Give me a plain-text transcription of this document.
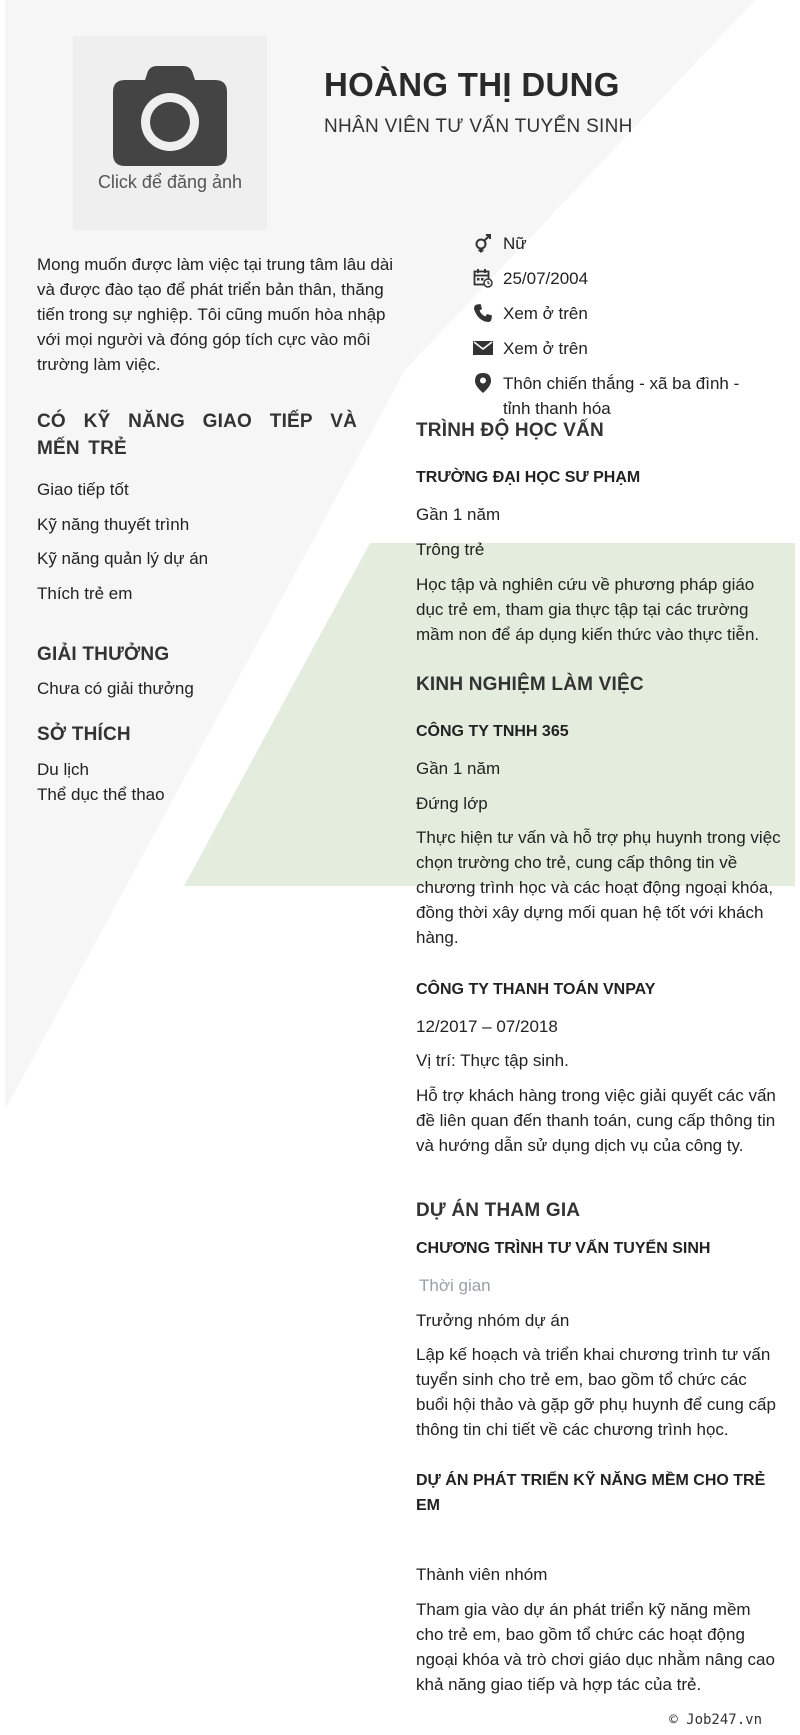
Click để đăng ảnh
HOÀNG THỊ DUNG
NHÂN VIÊN TƯ VẤN TUYỂN SINH
Nữ
25/07/2004
Xem ở trên
Xem ở trên
Thôn chiến thắng - xã ba đình - tỉnh thanh hóa
Mong muốn được làm việc tại trung tâm lâu dài và được đào tạo để phát triển bản thân, thăng tiến trong sự nghiệp. Tôi cũng muốn hòa nhập với mọi người và đóng góp tích cực vào môi trường làm việc.
CÓ KỸ NĂNG GIAO TIẾP VÀ MẾN TRẺ
Giao tiếp tốt
Kỹ năng thuyết trình
Kỹ năng quản lý dự án
Thích trẻ em
GIẢI THƯỞNG
Chưa có giải thưởng
SỞ THÍCH
Du lịch
Thể dục thể thao
TRÌNH ĐỘ HỌC VẤN
TRƯỜNG ĐẠI HỌC SƯ PHẠM
Gần 1 năm
Trông trẻ
Học tập và nghiên cứu về phương pháp giáo dục trẻ em, tham gia thực tập tại các trường mầm non để áp dụng kiến thức vào thực tiễn.
KINH NGHIỆM LÀM VIỆC
CÔNG TY TNHH 365
Gần 1 năm
Đứng lớp
Thực hiện tư vấn và hỗ trợ phụ huynh trong việc chọn trường cho trẻ, cung cấp thông tin về chương trình học và các hoạt động ngoại khóa, đồng thời xây dựng mối quan hệ tốt với khách hàng.
CÔNG TY THANH TOÁN VNPAY
12/2017 – 07/2018
Vị trí: Thực tập sinh.
Hỗ trợ khách hàng trong việc giải quyết các vấn đề liên quan đến thanh toán, cung cấp thông tin và hướng dẫn sử dụng dịch vụ của công ty.
DỰ ÁN THAM GIA
CHƯƠNG TRÌNH TƯ VẤN TUYỂN SINH
Thời gian
Trưởng nhóm dự án
Lập kế hoạch và triển khai chương trình tư vấn tuyển sinh cho trẻ em, bao gồm tổ chức các buổi hội thảo và gặp gỡ phụ huynh để cung cấp thông tin chi tiết về các chương trình học.
DỰ ÁN PHÁT TRIỂN KỸ NĂNG MỀM CHO TRẺ EM
Thành viên nhóm
Tham gia vào dự án phát triển kỹ năng mềm cho trẻ em, bao gồm tổ chức các hoạt động ngoại khóa và trò chơi giáo dục nhằm nâng cao khả năng giao tiếp và hợp tác của trẻ.
© Job247.vn
